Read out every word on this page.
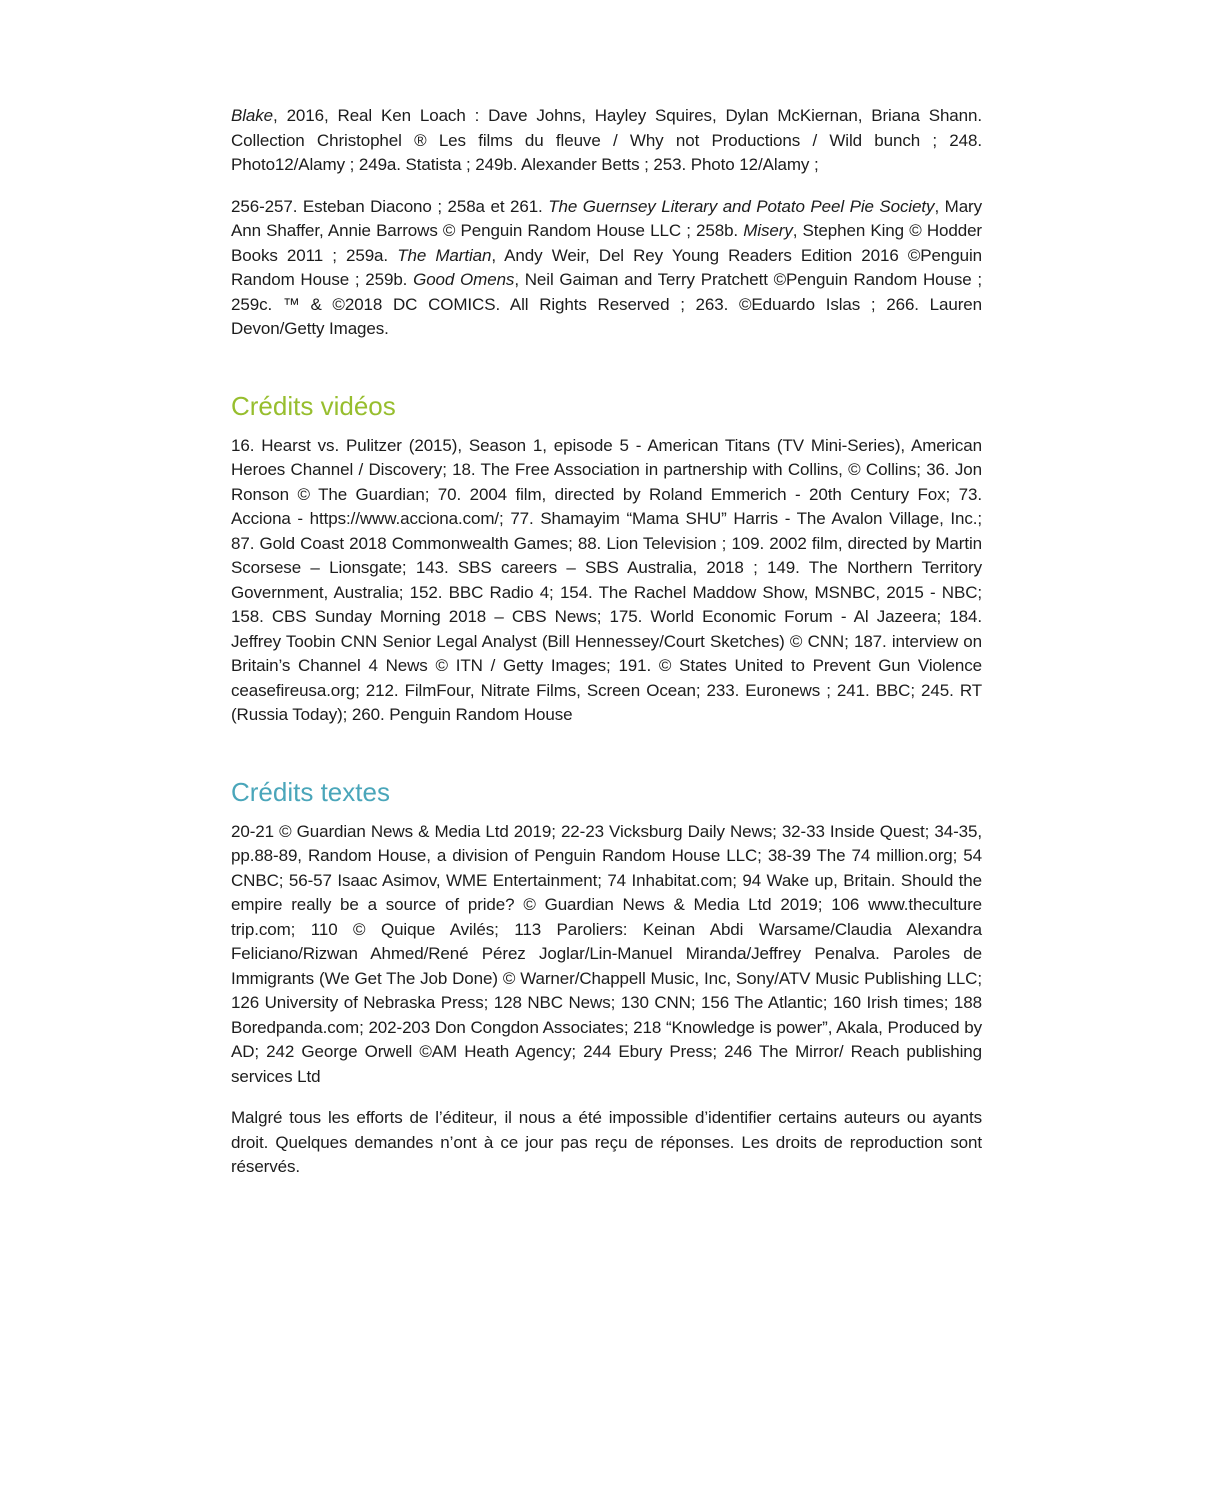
Blake, 2016, Real Ken Loach : Dave Johns, Hayley Squires, Dylan McKiernan, Briana Shann. Collection Christophel ® Les films du fleuve / Why not Productions / Wild bunch ; 248. Photo12/Alamy ; 249a. Statista ; 249b. Alexander Betts ; 253. Photo 12/Alamy ;

256-257. Esteban Diacono ; 258a et 261. The Guernsey Literary and Potato Peel Pie Society, Mary Ann Shaffer, Annie Barrows © Penguin Random House LLC ; 258b. Misery, Stephen King © Hodder Books 2011 ; 259a. The Martian, Andy Weir, Del Rey Young Readers Edition 2016 ©Penguin Random House ; 259b. Good Omens, Neil Gaiman and Terry Pratchett ©Penguin Random House ; 259c. ™ & ©2018 DC COMICS. All Rights Reserved ; 263. ©Eduardo Islas ; 266. Lauren Devon/Getty Images.

Crédits vidéos

16. Hearst vs. Pulitzer (2015), Season 1, episode 5 - American Titans (TV Mini-Series), American Heroes Channel / Discovery; 18. The Free Association in partnership with Collins, © Collins; 36. Jon Ronson © The Guardian; 70. 2004 film, directed by Roland Emmerich - 20th Century Fox; 73. Acciona - https://www.acciona.com/; 77. Shamayim “Mama SHU” Harris - The Avalon Village, Inc.; 87. Gold Coast 2018 Commonwealth Games; 88. Lion Television ; 109. 2002 film, directed by Martin Scorsese – Lionsgate; 143. SBS careers – SBS Australia, 2018 ; 149. The Northern Territory Government, Australia; 152. BBC Radio 4; 154. The Rachel Maddow Show, MSNBC, 2015 - NBC; 158. CBS Sunday Morning 2018 – CBS News; 175. World Economic Forum - Al Jazeera; 184. Jeffrey Toobin CNN Senior Legal Analyst (Bill Hennessey/Court Sketches) © CNN; 187. interview on Britain’s Channel 4 News © ITN / Getty Images; 191. © States United to Prevent Gun Violence ceasefireusa.org; 212. FilmFour, Nitrate Films, Screen Ocean; 233. Euronews ; 241. BBC; 245. RT (Russia Today); 260. Penguin Random House

Crédits textes

20-21 © Guardian News & Media Ltd 2019; 22-23 Vicksburg Daily News; 32-33 Inside Quest; 34-35, pp.88-89, Random House, a division of Penguin Random House LLC; 38-39 The 74 million.org; 54 CNBC; 56-57 Isaac Asimov, WME Entertainment; 74 Inhabitat.com; 94 Wake up, Britain. Should the empire really be a source of pride? © Guardian News & Media Ltd 2019; 106 www.theculture trip.com; 110 © Quique Avilés; 113 Paroliers: Keinan Abdi Warsame/Claudia Alexandra Feliciano/Rizwan Ahmed/René Pérez Joglar/Lin-Manuel Miranda/Jeffrey Penalva. Paroles de Immigrants (We Get The Job Done) © Warner/Chappell Music, Inc, Sony/ATV Music Publishing LLC; 126 University of Nebraska Press; 128 NBC News; 130 CNN; 156 The Atlantic; 160 Irish times; 188 Boredpanda.com; 202-203 Don Congdon Associates; 218 “Knowledge is power”, Akala, Produced by AD; 242 George Orwell ©AM Heath Agency; 244 Ebury Press; 246 The Mirror/ Reach publishing services Ltd

Malgré tous les efforts de l’éditeur, il nous a été impossible d’identifier certains auteurs ou ayants droit. Quelques demandes n’ont à ce jour pas reçu de réponses. Les droits de reproduction sont réservés.
